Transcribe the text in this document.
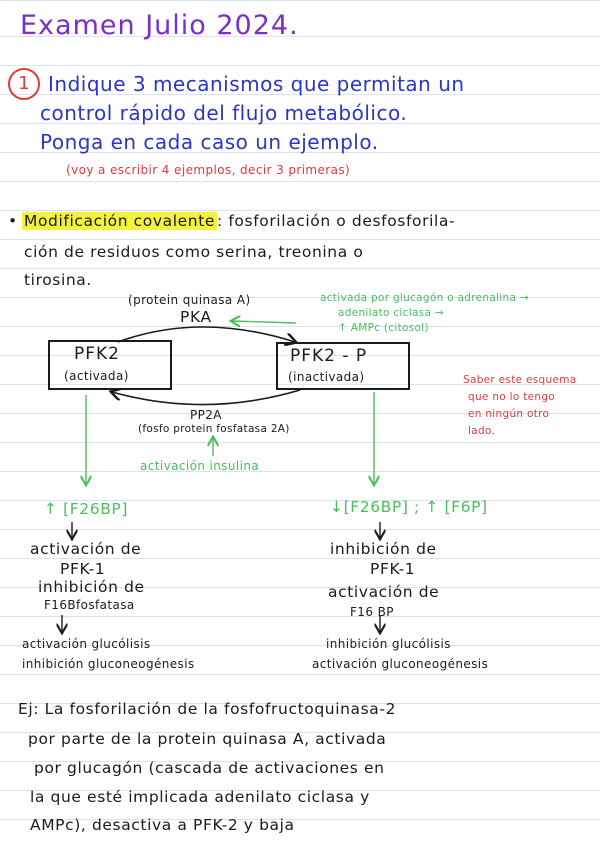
Examen Julio 2024.
1 Indique 3 mecanismos que permitan un
control rápido del flujo metabólico.
Ponga en cada caso un ejemplo.
(voy a escribir 4 ejemplos, decir 3 primeras)
• Modificación covalente : fosforilación o desfosforila-
ción de residuos como serina, treonina o
tirosina.
(protein quinasa A)
PKA
activada por glucagón o adrenalina →
adenilato ciclasa →
↑ AMPc (citosol)
PFK2
(activada)
PFK2 - P
(inactivada)	Saber este esquema
que no lo tengo
en ningún otro
lado.
PP2A
(fosfo protein fosfatasa 2A)
activación insulina
↑ [F26BP]
activación de
PFK-1
inhibición de
F16Bfosfatasa
activación glucólisis
inhibición gluconeogénesis
↓[F26BP] ; ↑ [F6P]
inhibición de
PFK-1
activación de
F16 BP
inhibición glucólisis
activación gluconeogénesis
Ej: La fosforilación de la fosfofructoquinasa-2
por parte de la protein quinasa A, activada
por glucagón (cascada de activaciones en
la que esté implicada adenilato ciclasa y
AMPc), desactiva a PFK-2 y baja
